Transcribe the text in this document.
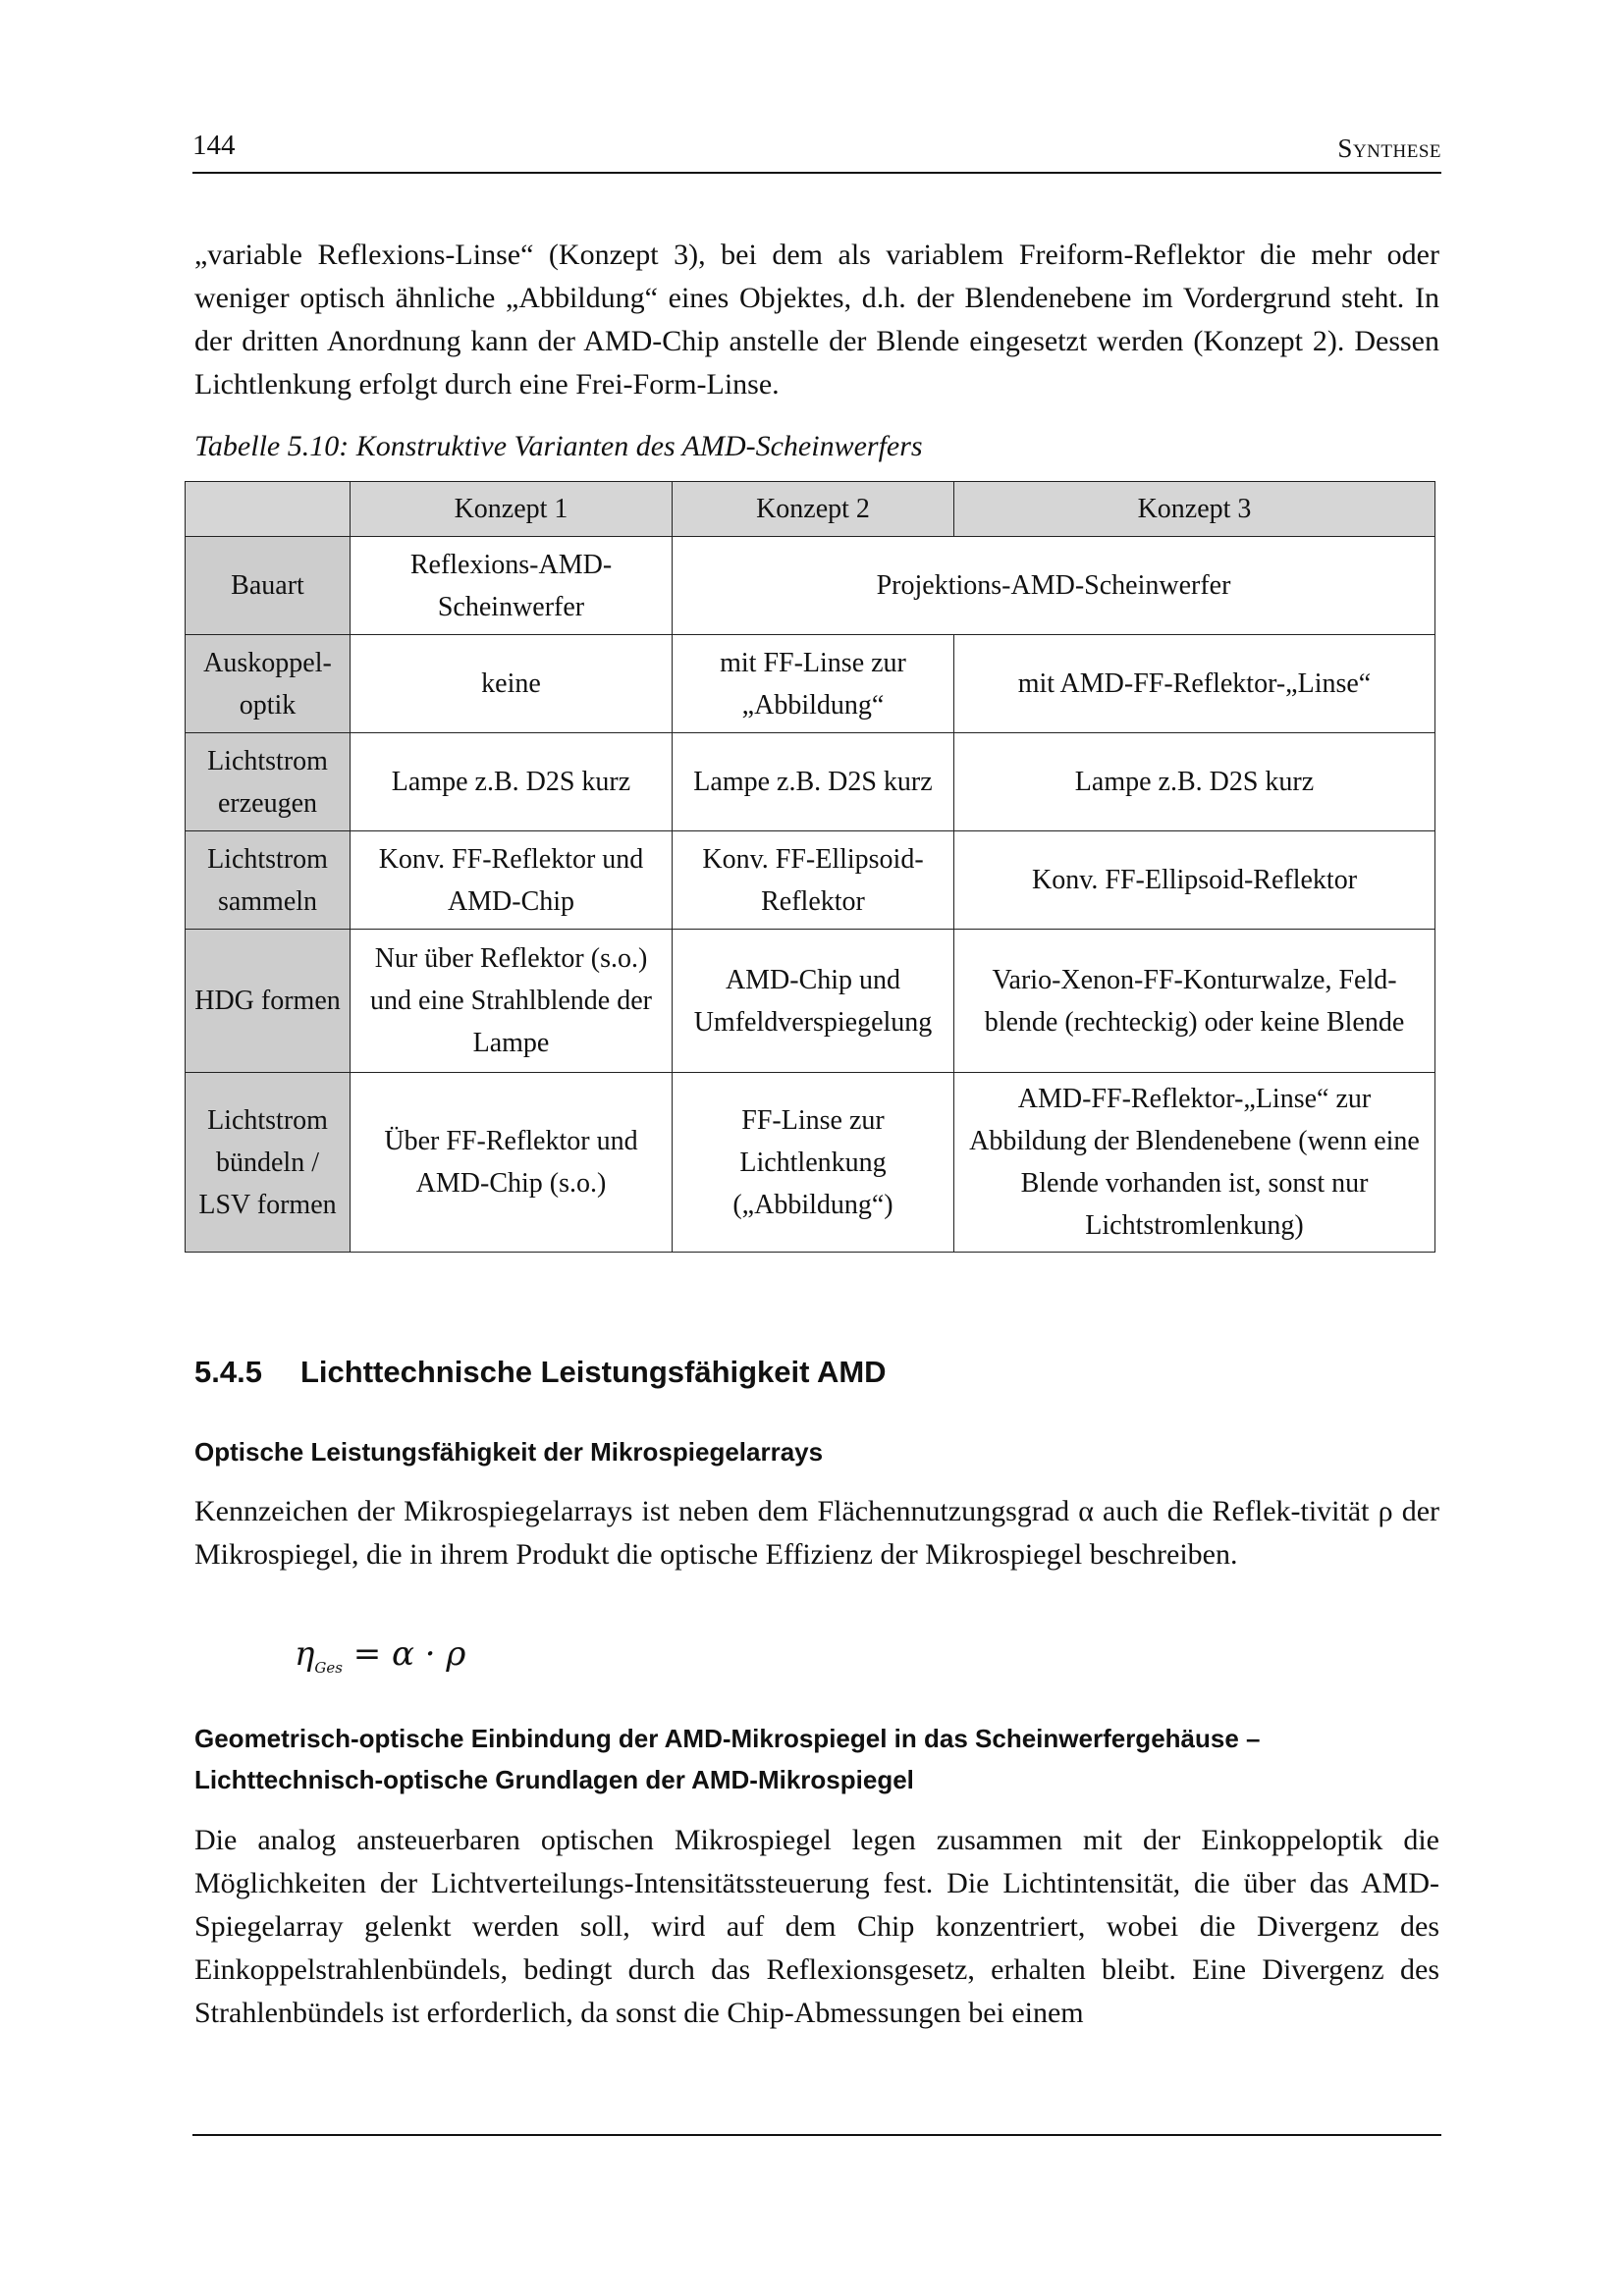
144	Synthese

„variable Reflexions-Linse“ (Konzept 3), bei dem als variablem Freiform-Reflektor die mehr oder weniger optisch ähnliche „Abbildung“ eines Objektes, d.h. der Blendenebene im Vordergrund steht. In der dritten Anordnung kann der AMD-Chip anstelle der Blende eingesetzt werden (Konzept 2). Dessen Lichtlenkung erfolgt durch eine Frei-Form-Linse.

Tabelle 5.10: Konstruktive Varianten des AMD-Scheinwerfers
	Konzept 1	Konzept 2	Konzept 3
Bauart	Reflexions-AMD-Scheinwerfer	Projektions-AMD-Scheinwerfer	
Auskoppel-optik	keine	mit FF-Linse zur „Abbildung“	mit AMD-FF-Reflektor-„Linse“
Lichtstrom erzeugen	Lampe z.B. D2S kurz	Lampe z.B. D2S kurz	Lampe z.B. D2S kurz
Lichtstrom sammeln	Konv. FF-Reflektor und AMD-Chip	Konv. FF-Ellipsoid-Reflektor	Konv. FF-Ellipsoid-Reflektor
HDG formen	Nur über Reflektor (s.o.) und eine Strahlblende der Lampe	AMD-Chip und Umfeldverspiegelung	Vario-Xenon-FF-Konturwalze, Feld-blende (rechteckig) oder keine Blende
Lichtstrom bündeln / LSV formen	Über FF-Reflektor und AMD-Chip (s.o.)	FF-Linse zur Lichtlenkung („Abbildung“)	AMD-FF-Reflektor-„Linse“ zur Abbildung der Blendenebene (wenn eine Blende vorhanden ist, sonst nur Lichtstromlenkung)
5.4.5 Lichttechnische Leistungsfähigkeit AMD

Optische Leistungsfähigkeit der Mikrospiegelarrays

Kennzeichen der Mikrospiegelarrays ist neben dem Flächennutzungsgrad α auch die Reflek-tivität ρ der Mikrospiegel, die in ihrem Produkt die optische Effizienz der Mikrospiegel beschreiben.

$\eta_{Ges} = \alpha \cdot \rho$

Geometrisch-optische Einbindung der AMD-Mikrospiegel in das Scheinwerfergehäuse – Lichttechnisch-optische Grundlagen der AMD-Mikrospiegel

Die analog ansteuerbaren optischen Mikrospiegel legen zusammen mit der Einkoppeloptik die Möglichkeiten der Lichtverteilungs-Intensitätssteuerung fest. Die Lichtintensität, die über das AMD-Spiegelarray gelenkt werden soll, wird auf dem Chip konzentriert, wobei die Divergenz des Einkoppelstrahlenbündels, bedingt durch das Reflexionsgesetz, erhalten bleibt. Eine Divergenz des Strahlenbündels ist erforderlich, da sonst die Chip-Abmessungen bei einem
